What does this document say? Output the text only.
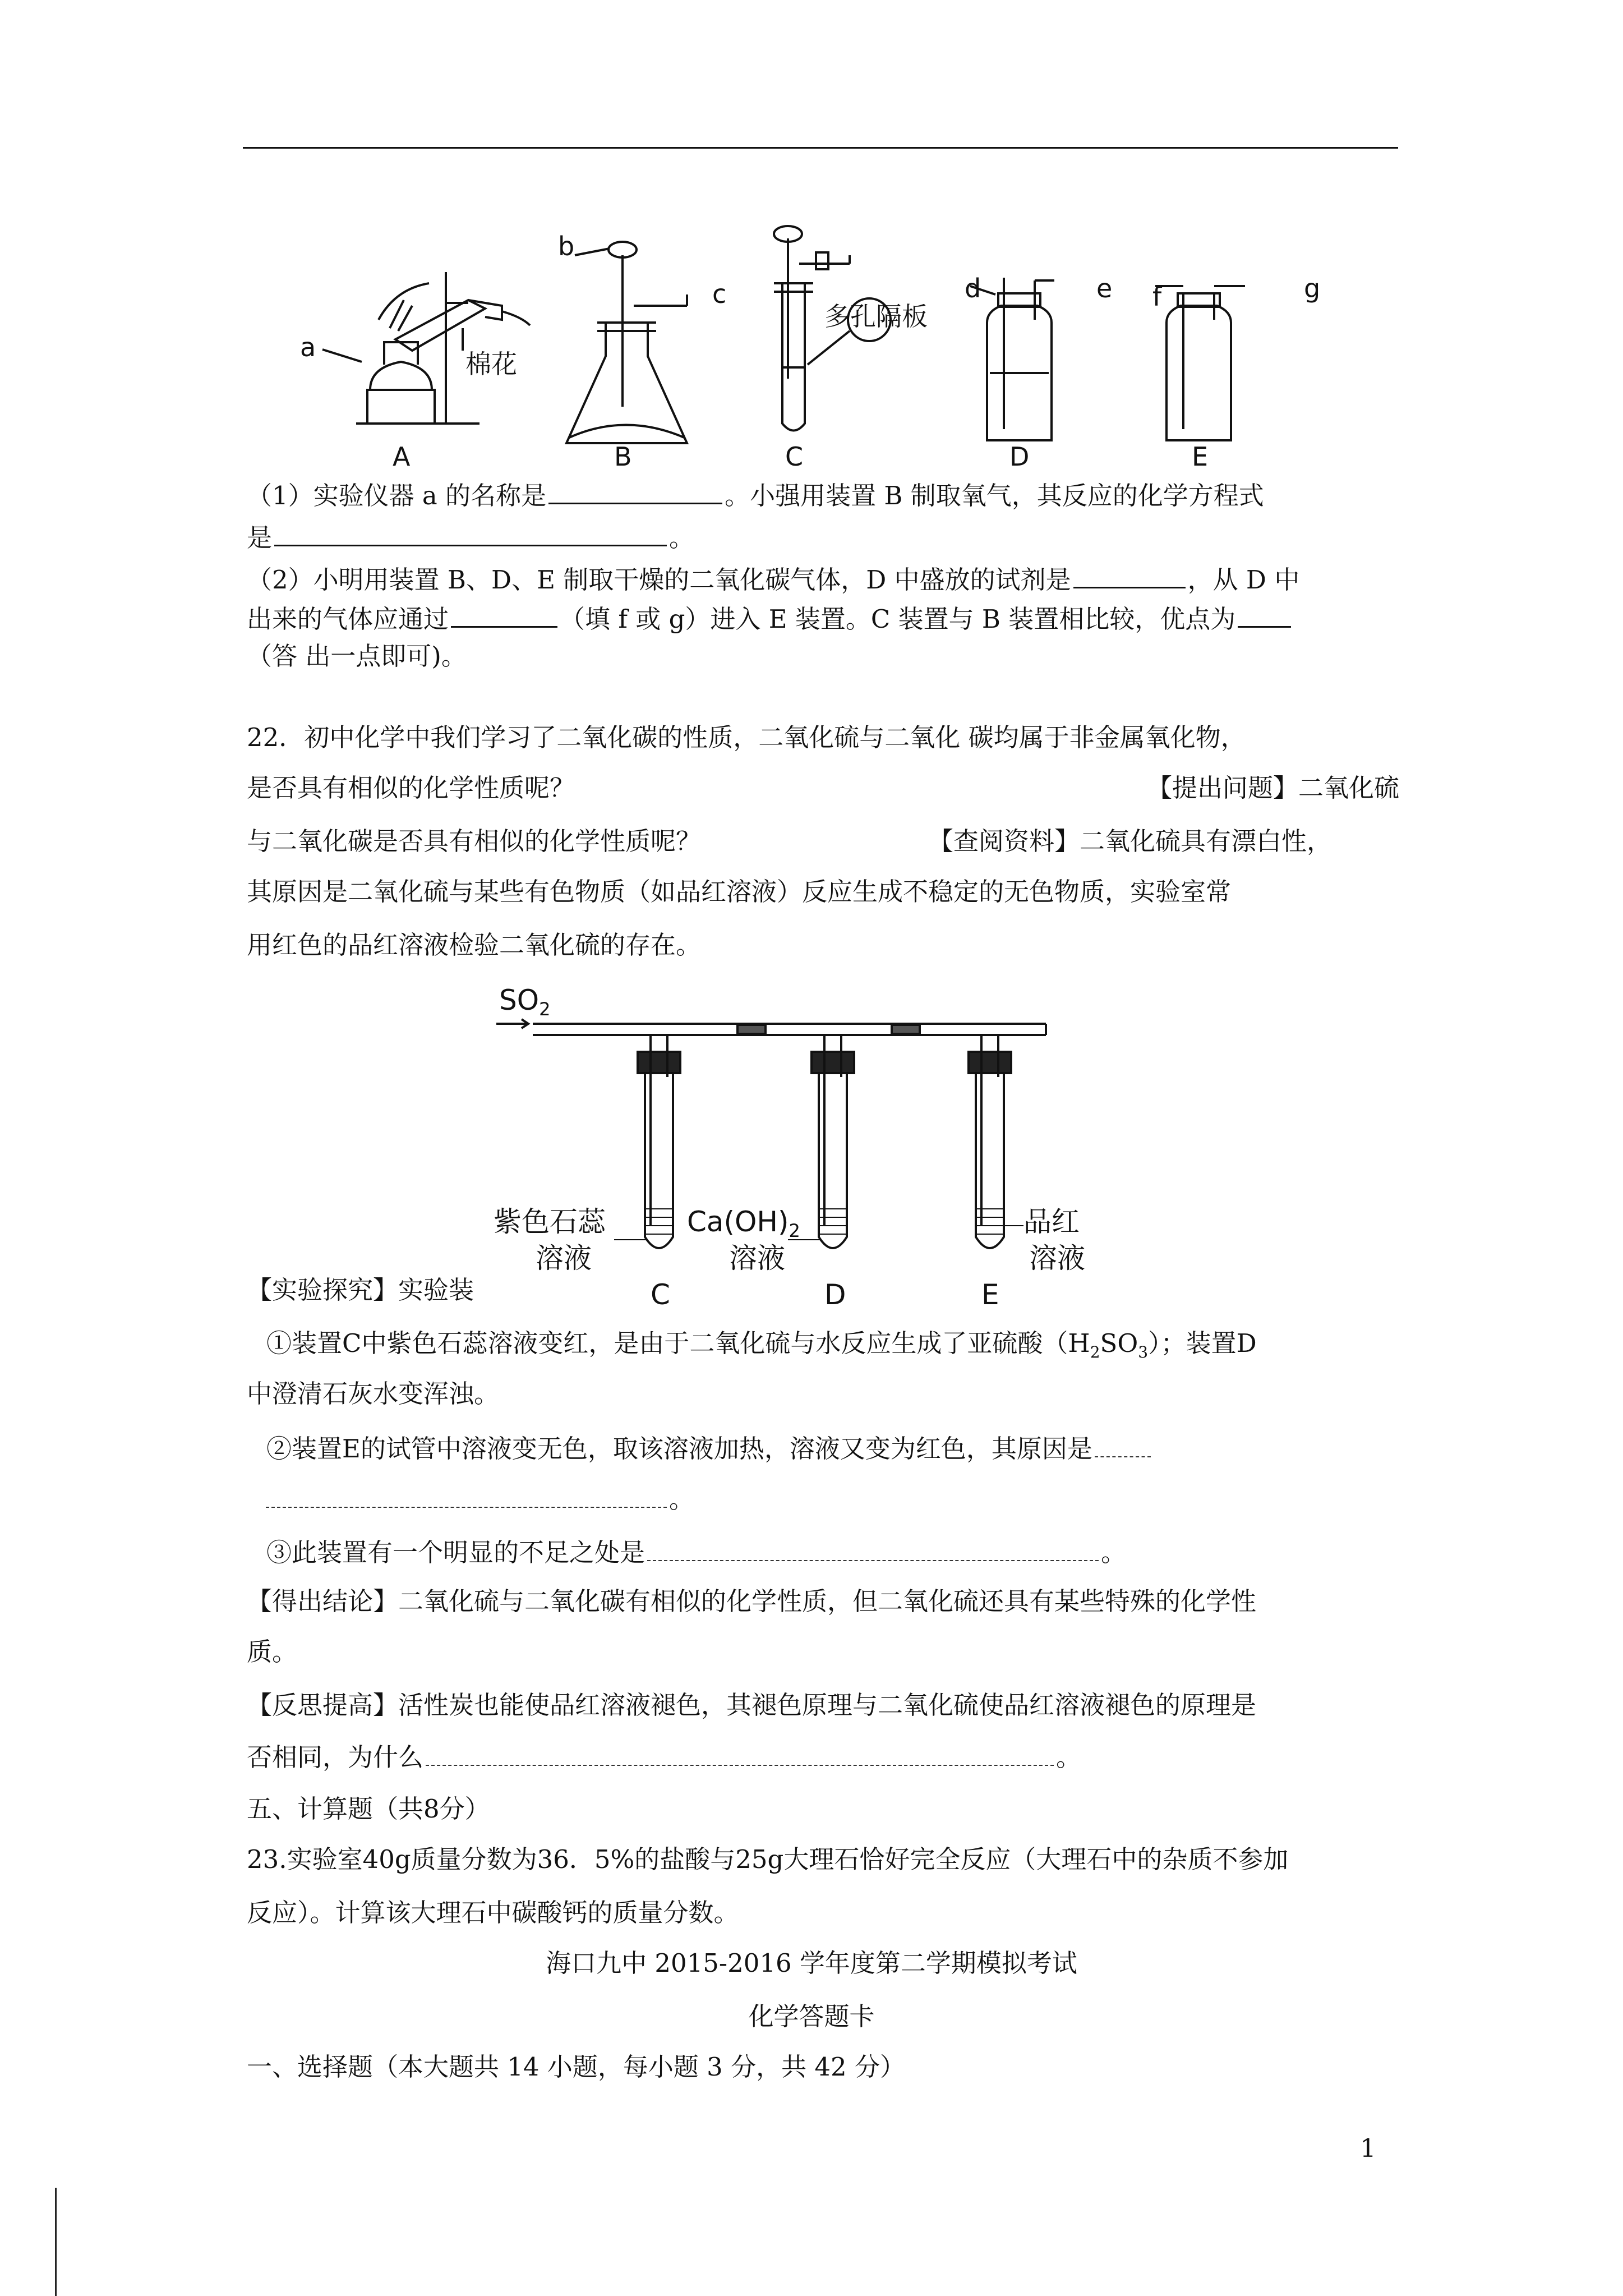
a
b
c	d	e f	g
棉花
多孔隔板
A	B	C	D	E
（1）实验仪器 a 的名称是	。小强用装置 B 制取氧气，其反应的化学方程式
是	。
（2）小明用装置 B、D、E 制取干燥的二氧化碳气体，D 中盛放的试剂是	，从 D 中
出来的气体应通过	（填 f 或 g）进入 E 装置。C 装置与 B 装置相比较，优点为
（答 出一点即可)。
22．初中化学中我们学习了二氧化碳的性质，二氧化硫与二氧化 碳均属于非金属氧化物，
是否具有相似的化学性质呢？	【提出问题】二氧化硫
与二氧化碳是否具有相似的化学性质呢？	【查阅资料】二氧化硫具有漂白性，
其原因是二氧化硫与某些有色物质（如品红溶液）反应生成不稳定的无色物质，实验室常
用红色的品红溶液检验二氧化硫的存在。
$SO_2$
紫色石蕊
溶液
$Ca(OH)_2$
溶液
品红
溶液
C	D	E
【实验探究】实验装
①装置C中紫色石蕊溶液变红，是由于二氧化硫与水反应生成了亚硫酸$(H_2SO_3)$；装置D
中澄清石灰水变浑浊。
②装置E的试管中溶液变无色，取该溶液加热，溶液又变为红色，其原因是
。
③此装置有一个明显的不足之处是	。
【得出结论】二氧化硫与二氧化碳有相似的化学性质，但二氧化硫还具有某些特殊的化学性
质。
【反思提高】活性炭也能使品红溶液褪色，其褪色原理与二氧化硫使品红溶液褪色的原理是
否相同，为什么	。
五、计算题（共8分）
23.实验室40g质量分数为36．5%的盐酸与25g大理石恰好完全反应（大理石中的杂质不参加
反应）。计算该大理石中碳酸钙的质量分数。
海口九中 2015-2016 学年度第二学期模拟考试
化学答题卡
一、选择题（本大题共 14 小题，每小题 3 分，共 42 分）
1
